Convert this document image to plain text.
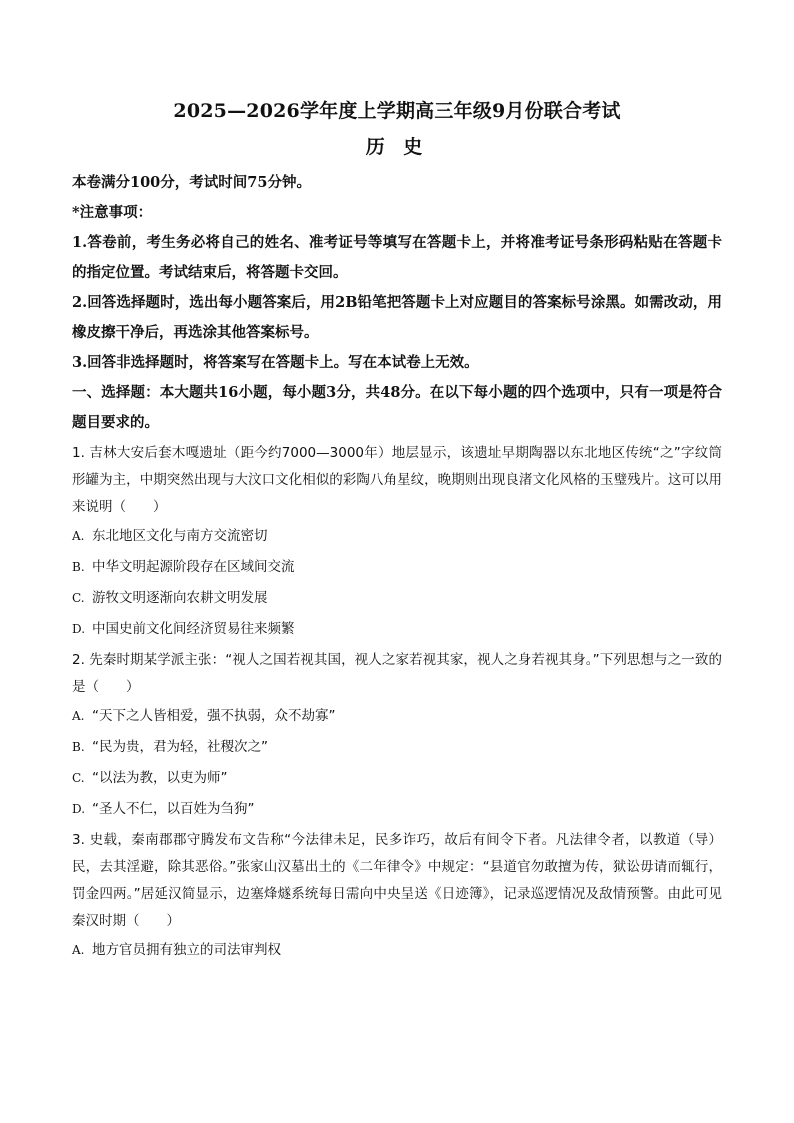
2025—2026学年度上学期高三年级9月份联合考试
历 史

本卷满分100分，考试时间75分钟。

*注意事项：

1.答卷前，考生务必将自己的姓名、准考证号等填写在答题卡上，并将准考证号条形码粘贴在答题卡的指定位置。考试结束后，将答题卡交回。

2.回答选择题时，选出每小题答案后，用2B铅笔把答题卡上对应题目的答案标号涂黑。如需改动，用橡皮擦干净后，再选涂其他答案标号。

3.回答非选择题时，将答案写在答题卡上。写在本试卷上无效。

一、选择题：本大题共16小题，每小题3分，共48分。在以下每小题的四个选项中，只有一项是符合题目要求的。

1. 吉林大安后套木嘎遗址（距今约7000—3000年）地层显示，该遗址早期陶器以东北地区传统“之”字纹筒形罐为主，中期突然出现与大汶口文化相似的彩陶八角星纹，晚期则出现良渚文化风格的玉璧残片。这可以用来说明（　　）

A. 东北地区文化与南方交流密切

B. 中华文明起源阶段存在区域间交流

C. 游牧文明逐渐向农耕文明发展

D. 中国史前文化间经济贸易往来频繁

2. 先秦时期某学派主张：“视人之国若视其国，视人之家若视其家，视人之身若视其身。”下列思想与之一致的是（　　）

A. “天下之人皆相爱，强不执弱，众不劫寡”

B. “民为贵，君为轻，社稷次之”

C. “以法为教，以吏为师”

D. “圣人不仁，以百姓为刍狗”

3. 史载，秦南郡郡守腾发布文告称“今法律未足，民多诈巧，故后有间令下者。凡法律令者，以教道（导）民，去其淫避，除其恶俗。”张家山汉墓出土的《二年律令》中规定：“县道官勿敢擅为传，狱讼毋请而辄行，罚金四两。”居延汉简显示，边塞烽燧系统每日需向中央呈送《日迹簿》，记录巡逻情况及敌情预警。由此可见秦汉时期（　　）

A. 地方官员拥有独立的司法审判权
